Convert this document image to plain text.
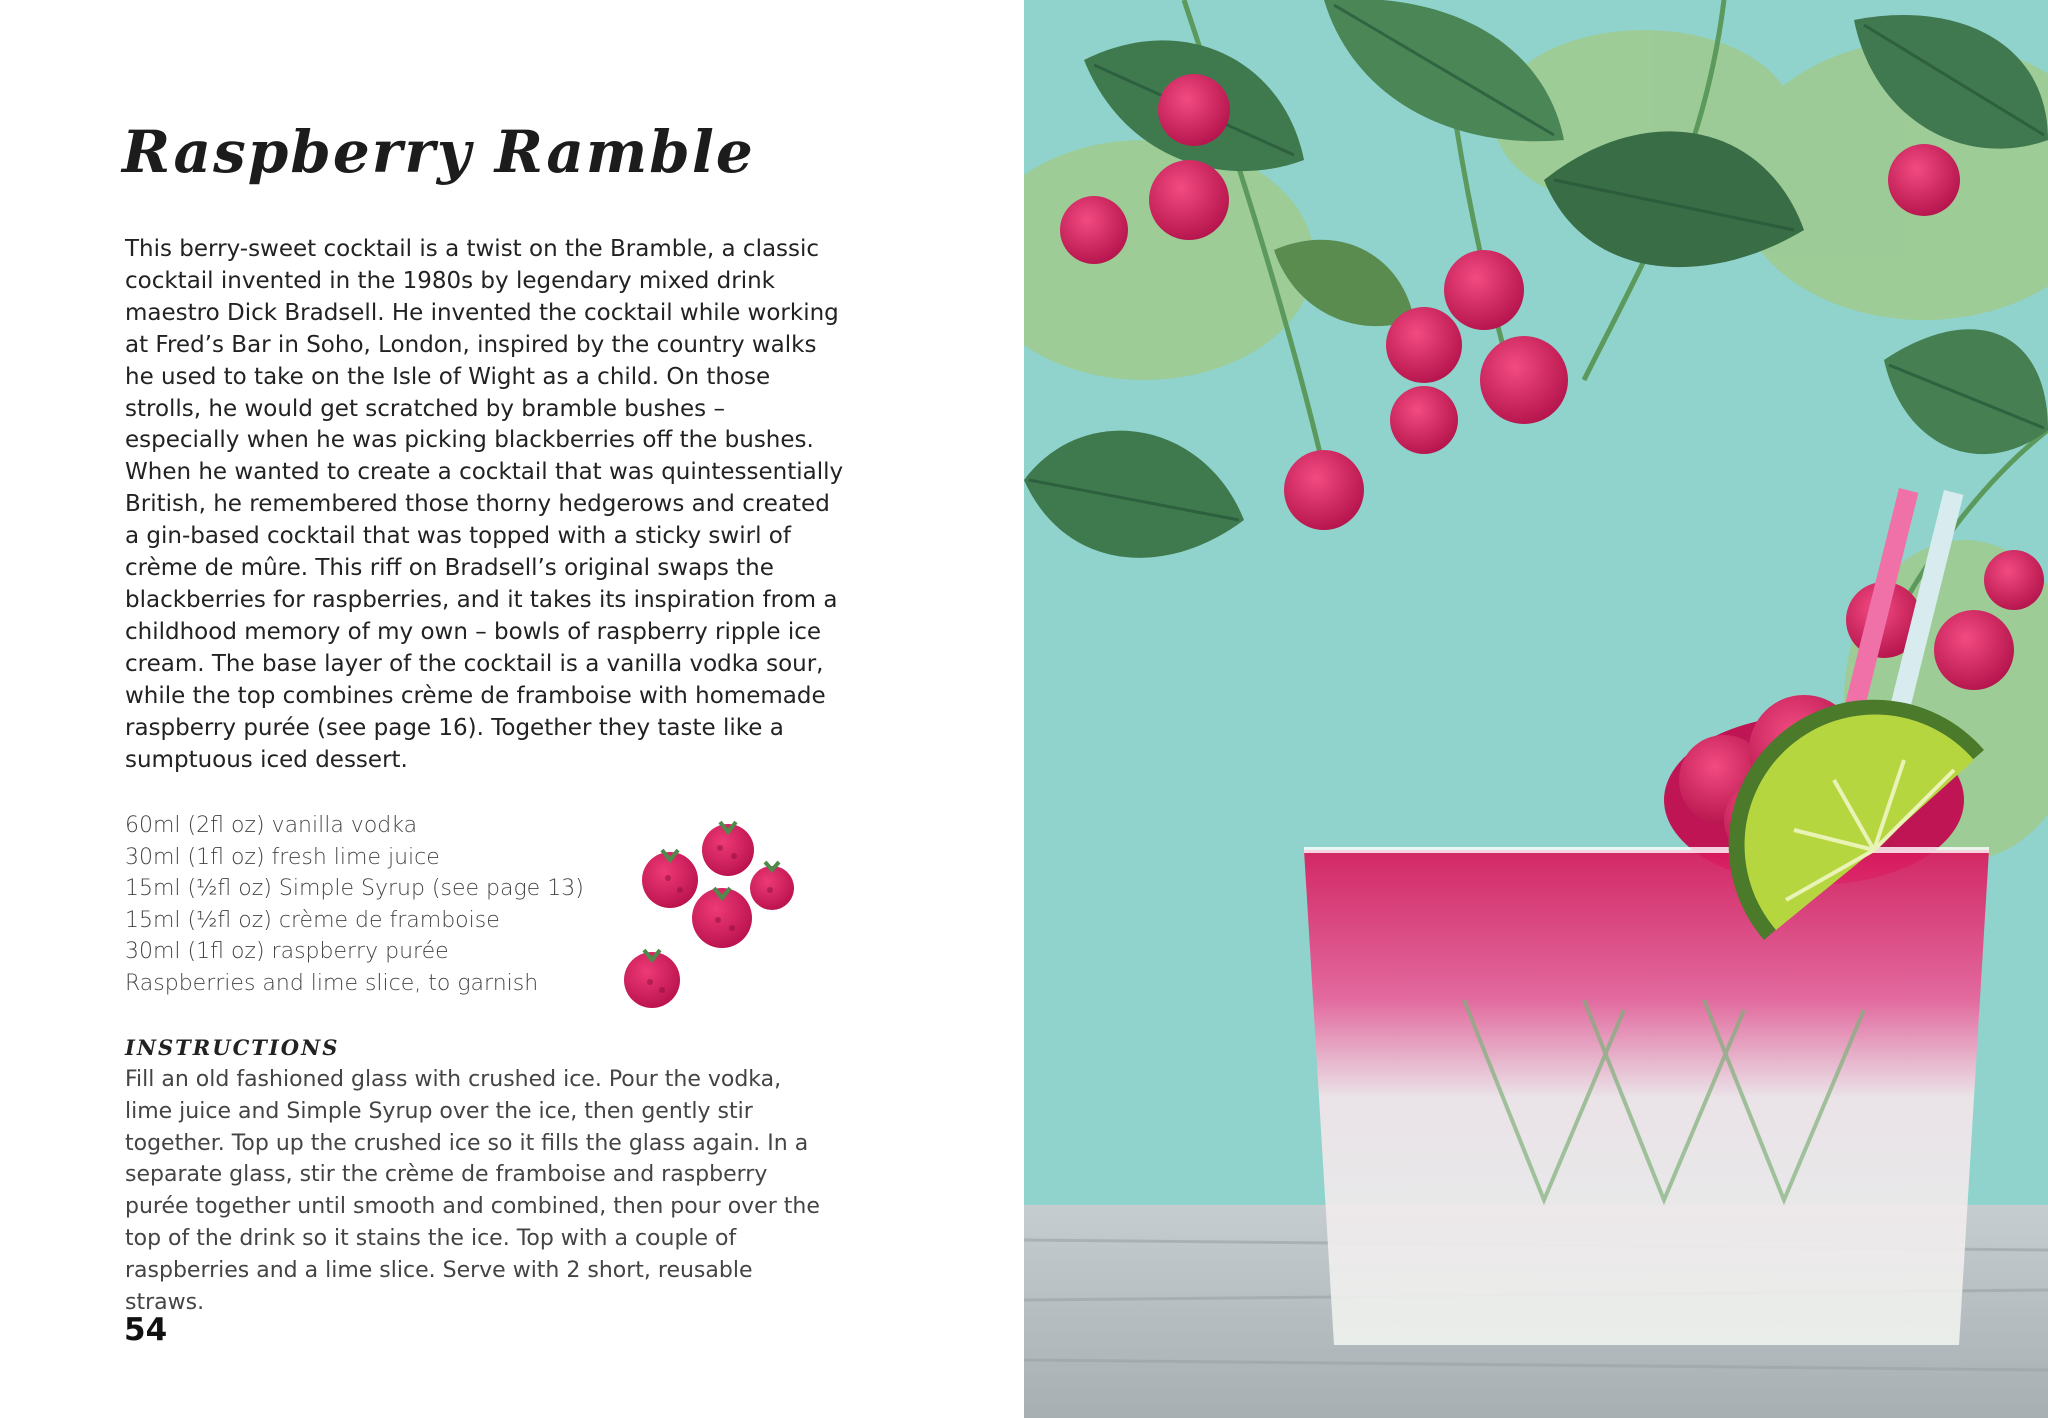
Raspberry Ramble

This berry-sweet cocktail is a twist on the Bramble, a classic cocktail invented in the 1980s by legendary mixed drink maestro Dick Bradsell. He invented the cocktail while working at Fred’s Bar in Soho, London, inspired by the country walks he used to take on the Isle of Wight as a child. On those strolls, he would get scratched by bramble bushes – especially when he was picking blackberries off the bushes. When he wanted to create a cocktail that was quintessentially British, he remembered those thorny hedgerows and created a gin-based cocktail that was topped with a sticky swirl of crème de mûre. This riff on Bradsell’s original swaps the blackberries for raspberries, and it takes its inspiration from a childhood memory of my own – bowls of raspberry ripple ice cream. The base layer of the cocktail is a vanilla vodka sour, while the top combines crème de framboise with homemade raspberry purée (see page 16). Together they taste like a sumptuous iced dessert.

60ml (2fl oz) vanilla vodka
30ml (1fl oz) fresh lime juice
15ml (½fl oz) Simple Syrup (see page 13)
15ml (½fl oz) crème de framboise
30ml (1fl oz) raspberry purée
Raspberries and lime slice, to garnish
INSTRUCTIONS

Fill an old fashioned glass with crushed ice. Pour the vodka, lime juice and Simple Syrup over the ice, then gently stir together. Top up the crushed ice so it fills the glass again. In a separate glass, stir the crème de framboise and raspberry purée together until smooth and combined, then pour over the top of the drink so it stains the ice. Top with a couple of raspberries and a lime slice. Serve with 2 short, reusable straws.

54
